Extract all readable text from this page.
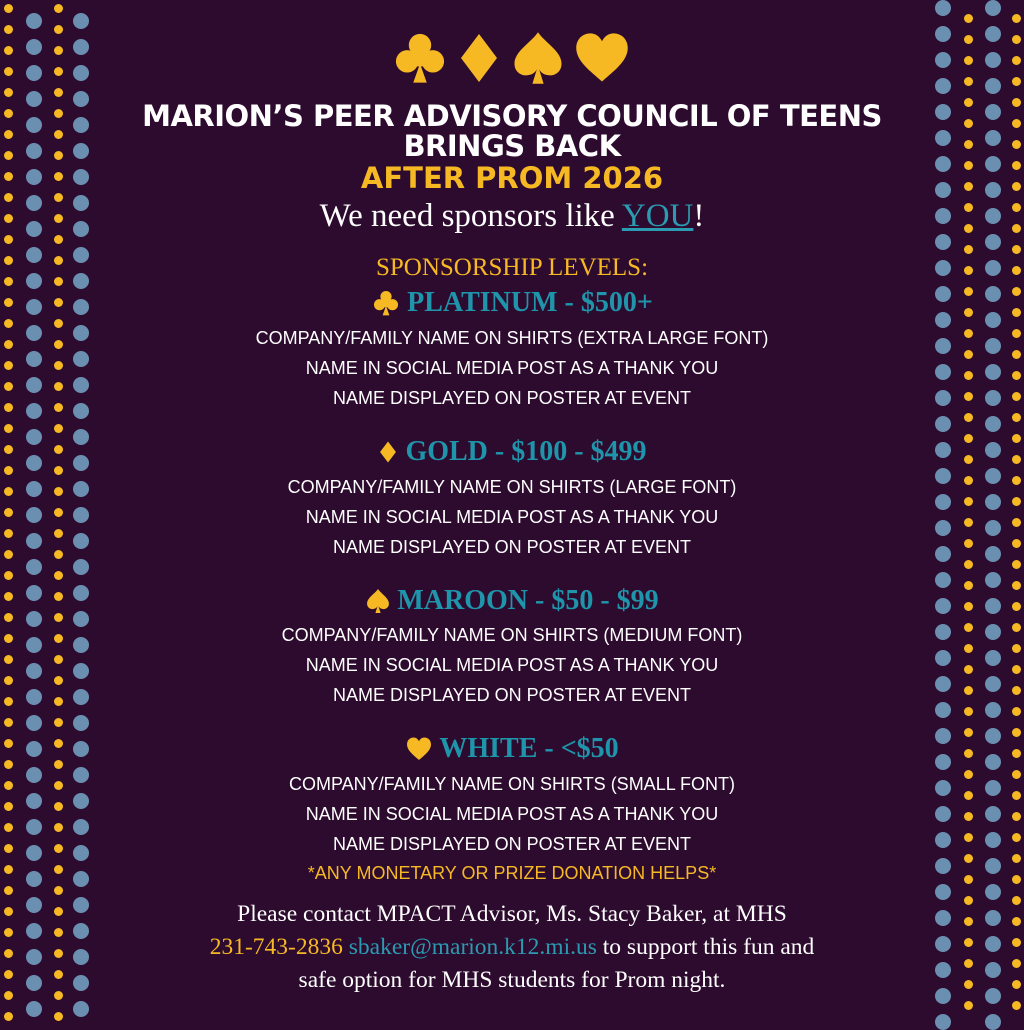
MARION’S PEER ADVISORY COUNCIL OF TEENS
BRINGS BACK
AFTER PROM 2026
We need sponsors like YOU!
SPONSORSHIP LEVELS:
PLATINUM - $500+
COMPANY/FAMILY NAME ON SHIRTS (EXTRA LARGE FONT)
NAME IN SOCIAL MEDIA POST AS A THANK YOU
NAME DISPLAYED ON POSTER AT EVENT
GOLD - $100 - $499
COMPANY/FAMILY NAME ON SHIRTS (LARGE FONT)
NAME IN SOCIAL MEDIA POST AS A THANK YOU
NAME DISPLAYED ON POSTER AT EVENT
MAROON - $50 - $99
COMPANY/FAMILY NAME ON SHIRTS (MEDIUM FONT)
NAME IN SOCIAL MEDIA POST AS A THANK YOU
NAME DISPLAYED ON POSTER AT EVENT
WHITE - <$50
COMPANY/FAMILY NAME ON SHIRTS (SMALL FONT)
NAME IN SOCIAL MEDIA POST AS A THANK YOU
NAME DISPLAYED ON POSTER AT EVENT
*ANY MONETARY OR PRIZE DONATION HELPS*
Please contact MPACT Advisor, Ms. Stacy Baker, at MHS
231-743-2836 sbaker@marion.k12.mi.us to support this fun and
safe option for MHS students for Prom night.
